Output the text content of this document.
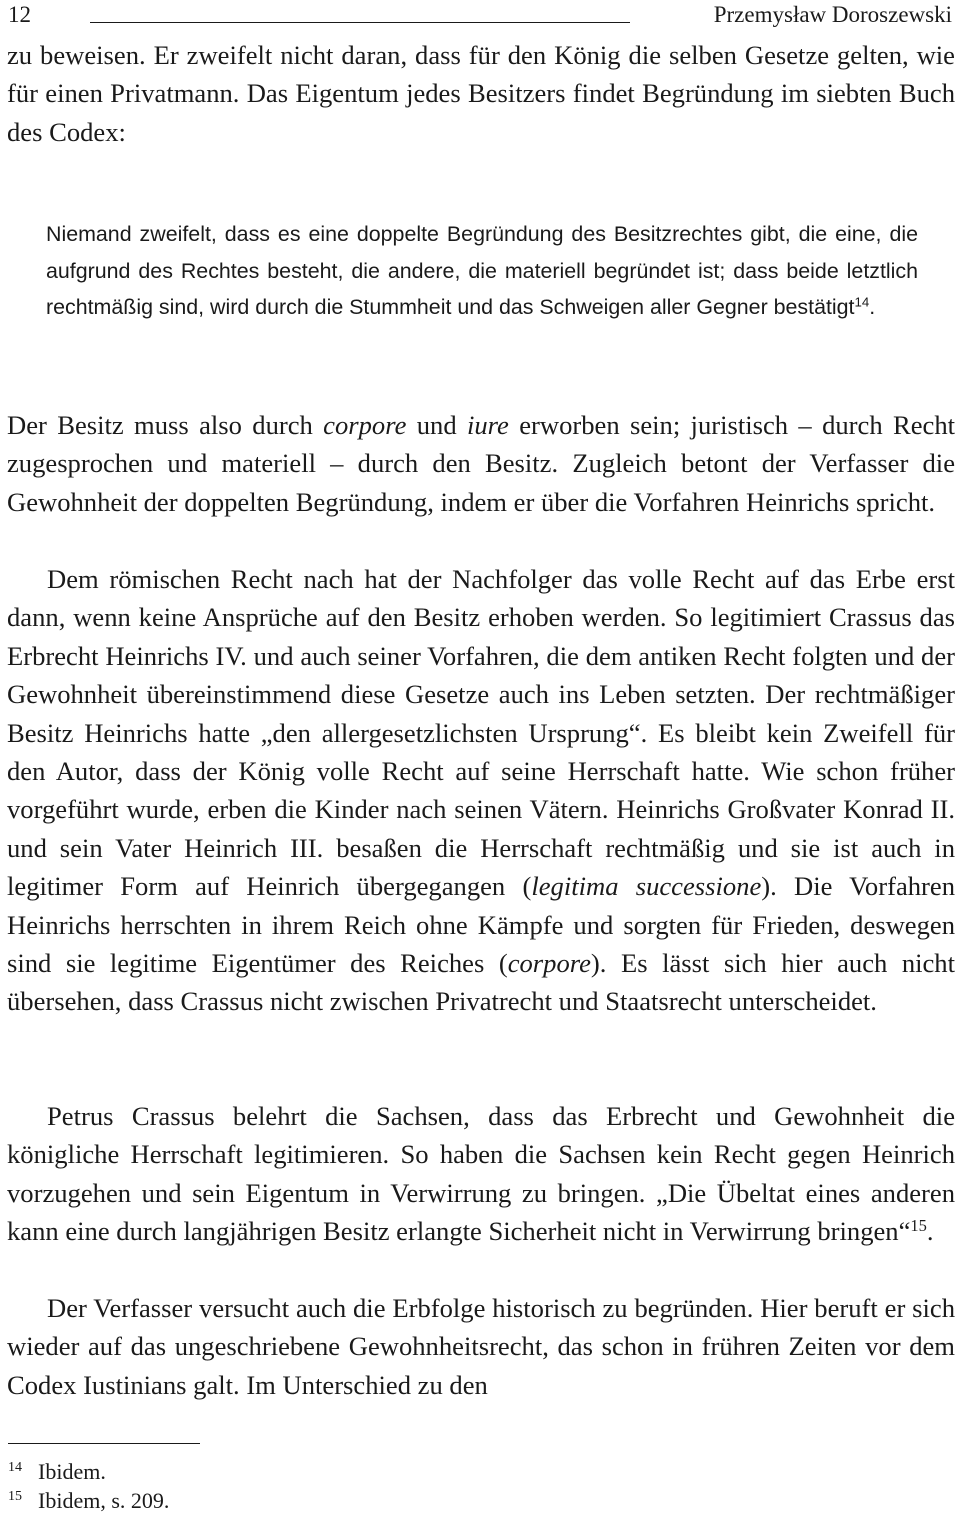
12	Przemysław Doroszewski

zu beweisen. Er zweifelt nicht daran, dass für den König die selben Gesetze gelten, wie für einen Privatmann. Das Eigentum jedes Besitzers findet Begründung im siebten Buch des Codex:

Niemand zweifelt, dass es eine doppelte Begründung des Besitzrechtes gibt, die eine, die aufgrund des Rechtes besteht, die andere, die materiell begründet ist; dass beide letztlich rechtmäßig sind, wird durch die Stummheit und das Schweigen aller Gegner bestätigt$^{14}$.

Der Besitz muss also durch corpore und iure erworben sein; juristisch – durch Recht zugesprochen und materiell – durch den Besitz. Zugleich betont der Verfasser die Gewohnheit der doppelten Begründung, indem er über die Vorfahren Heinrichs spricht.

Dem römischen Recht nach hat der Nachfolger das volle Recht auf das Erbe erst dann, wenn keine Ansprüche auf den Besitz erhoben werden. So legitimiert Crassus das Erbrecht Heinrichs IV. und auch seiner Vorfahren, die dem antiken Recht folgten und der Gewohnheit übereinstimmend diese Gesetze auch ins Leben setzten. Der rechtmäßiger Besitz Heinrichs hatte „den allergesetzlichsten Ursprung“. Es bleibt kein Zweifell für den Autor, dass der König volle Recht auf seine Herrschaft hatte. Wie schon früher vorgeführt wurde, erben die Kinder nach seinen Vätern. Heinrichs Großvater Konrad II. und sein Vater Heinrich III. besaßen die Herrschaft rechtmäßig und sie ist auch in legitimer Form auf Heinrich übergegangen (legitima successione). Die Vorfahren Heinrichs herrschten in ihrem Reich ohne Kämpfe und sorgten für Frieden, deswegen sind sie legitime Eigentümer des Reiches (corpore). Es lässt sich hier auch nicht übersehen, dass Crassus nicht zwischen Privatrecht und Staatsrecht unterscheidet.

Petrus Crassus belehrt die Sachsen, dass das Erbrecht und Gewohnheit die königliche Herrschaft legitimieren. So haben die Sachsen kein Recht gegen Heinrich vorzugehen und sein Eigentum in Verwirrung zu bringen. „Die Übeltat eines anderen kann eine durch langjährigen Besitz erlangte Sicherheit nicht in Verwirrung bringen“$^{15}$.

Der Verfasser versucht auch die Erbfolge historisch zu begründen. Hier beruft er sich wieder auf das ungeschriebene Gewohnheitsrecht, das schon in frühren Zeiten vor dem Codex Iustinians galt. Im Unterschied zu den

14 Ibidem.

15 Ibidem, s. 209.
